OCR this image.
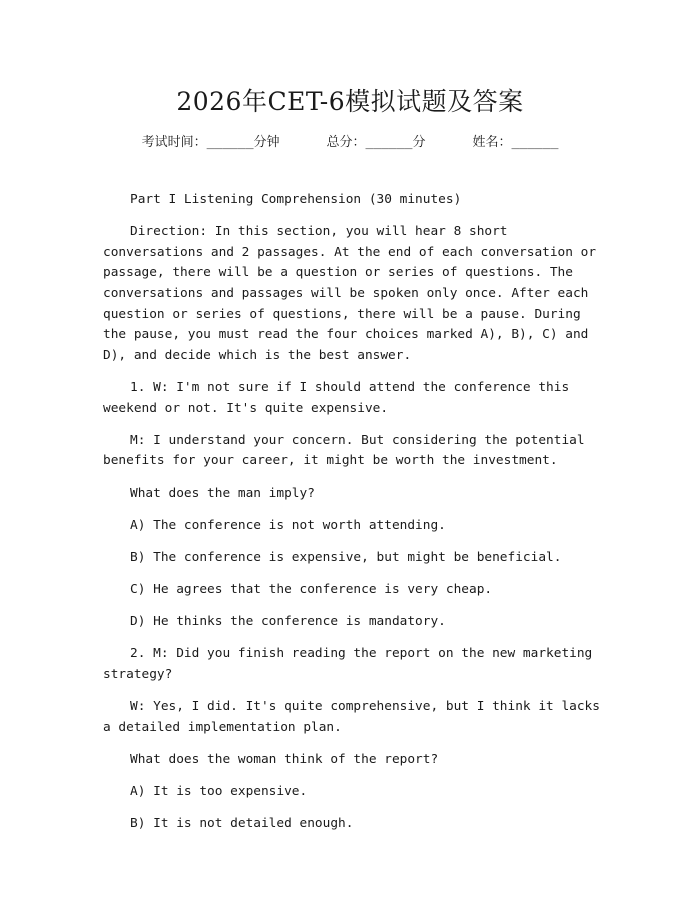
2026年CET-6模拟试题及答案
考试时间：______分钟	总分：______分	姓名：______

Part I Listening Comprehension (30 minutes)

Direction: In this section, you will hear 8 short conversations and 2 passages. At the end of each conversation or passage, there will be a question or series of questions. The conversations and passages will be spoken only once. After each question or series of questions, there will be a pause. During the pause, you must read the four choices marked A), B), C) and D), and decide which is the best answer.

1. W: I'm not sure if I should attend the conference this weekend or not. It's quite expensive.

M: I understand your concern. But considering the potential benefits for your career, it might be worth the investment.

What does the man imply?

A) The conference is not worth attending.

B) The conference is expensive, but might be beneficial.

C) He agrees that the conference is very cheap.

D) He thinks the conference is mandatory.

2. M: Did you finish reading the report on the new marketing strategy?

W: Yes, I did. It's quite comprehensive, but I think it lacks a detailed implementation plan.

What does the woman think of the report?

A) It is too expensive.

B) It is not detailed enough.
